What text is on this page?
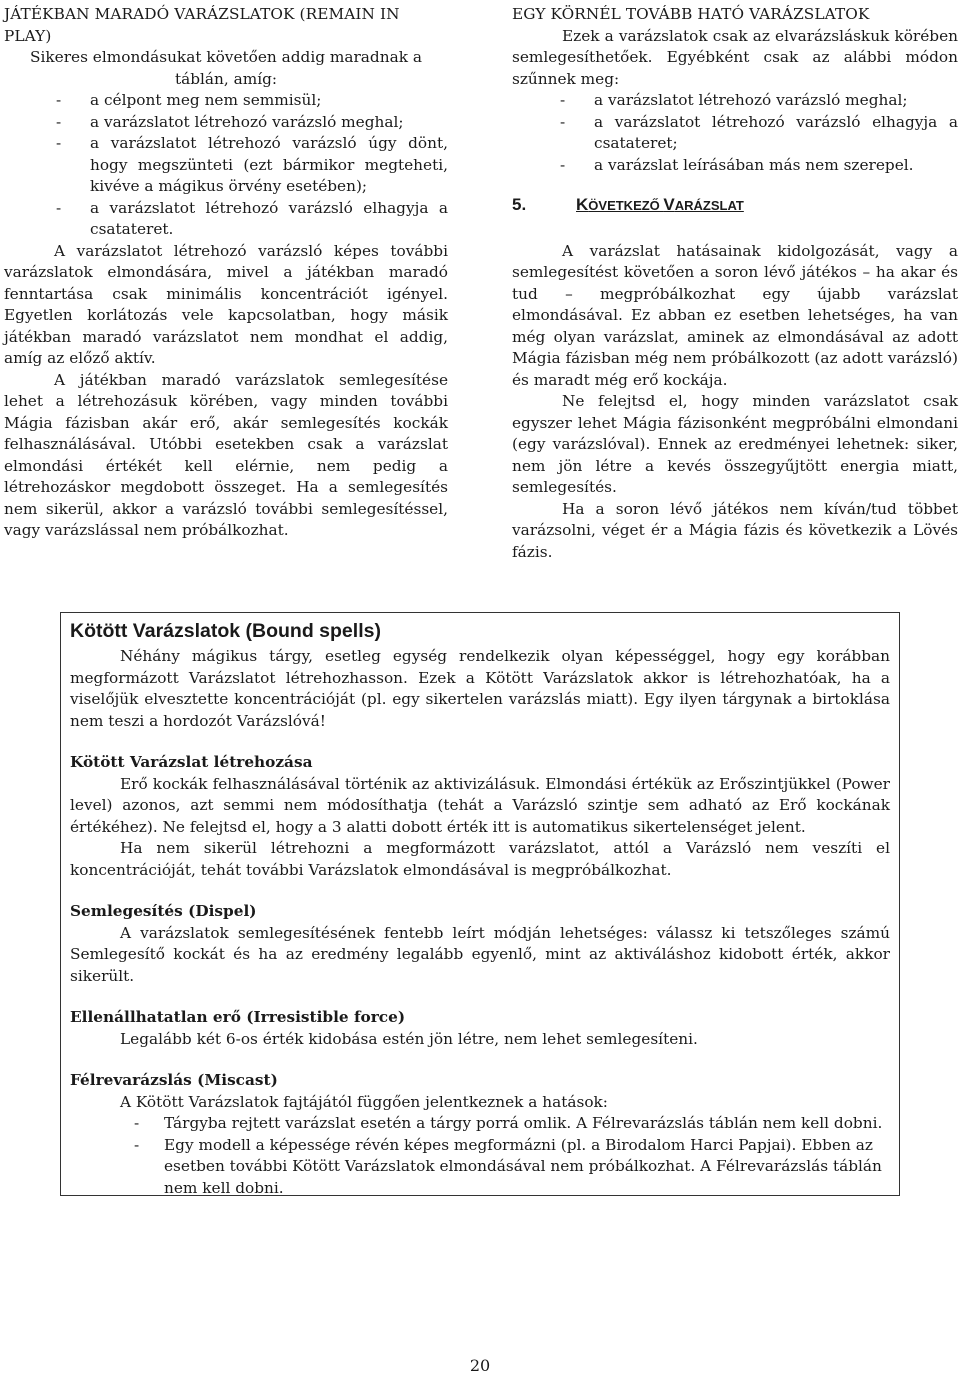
JÁTÉKBAN MARADÓ VARÁZSLATOK (REMAIN IN PLAY)

Sikeres elmondásukat követően addig maradnak a táblán, amíg:

-	a célpont meg nem semmisül;
-	a varázslatot létrehozó varázsló meghal;
-	a varázslatot létrehozó varázsló úgy dönt, hogy megszünteti (ezt bármikor megteheti, kivéve a mágikus örvény esetében);
-	a varázslatot létrehozó varázsló elhagyja a csatateret.

A varázslatot létrehozó varázsló képes további varázslatok elmondására, mivel a játékban maradó fenntartása csak minimális koncentrációt igényel. Egyetlen korlátozás vele kapcsolatban, hogy másik játékban maradó varázslatot nem mondhat el addig, amíg az előző aktív.

A játékban maradó varázslatok semlegesítése lehet a létrehozásuk körében, vagy minden további Mágia fázisban akár erő, akár semlegesítés kockák felhasználásával. Utóbbi esetekben csak a varázslat elmondási értékét kell elérnie, nem pedig a létrehozáskor megdobott összeget. Ha a semlegesítés nem sikerül, akkor a varázsló további semlegesítéssel, vagy varázslással nem próbálkozhat.

EGY KÖRNÉL TOVÁBB HATÓ VARÁZSLATOK

Ezek a varázslatok csak az elvarázsláskuk körében semlegesíthetőek. Egyébként csak az alábbi módon szűnnek meg:

-	a varázslatot létrehozó varázsló meghal;
-	a varázslatot létrehozó varázsló elhagyja a csatateret;
-	a varázslat leírásában más nem szerepel.
5.	KÖVETKEZŐ VARÁZSLAT

A varázslat hatásainak kidolgozását, vagy a semlegesítést követően a soron lévő játékos – ha akar és tud – megpróbálkozhat egy újabb varázslat elmondásával. Ez abban ez esetben lehetséges, ha van még olyan varázslat, aminek az elmondásával az adott Mágia fázisban még nem próbálkozott (az adott varázsló) és maradt még erő kockája.

Ne felejtsd el, hogy minden varázslatot csak egyszer lehet Mágia fázisonként megpróbálni elmondani (egy varázslóval). Ennek az eredményei lehetnek: siker, nem jön létre a kevés összegyűjtött energia miatt, semlegesítés.

Ha a soron lévő játékos nem kíván/tud többet varázsolni, véget ér a Mágia fázis és következik a Lövés fázis.

Kötött Varázslatok (Bound spells)

Néhány mágikus tárgy, esetleg egység rendelkezik olyan képességgel, hogy egy korábban megformázott Varázslatot létrehozhasson. Ezek a Kötött Varázslatok akkor is létrehozhatóak, ha a viselőjük elvesztette koncentrációját (pl. egy sikertelen varázslás miatt). Egy ilyen tárgynak a birtoklása nem teszi a hordozót Varázslóvá!

Kötött Varázslat létrehozása

Erő kockák felhasználásával történik az aktivizálásuk. Elmondási értékük az Erőszintjükkel (Power level) azonos, azt semmi nem módosíthatja (tehát a Varázsló szintje sem adható az Erő kockának értékéhez). Ne felejtsd el, hogy a 3 alatti dobott érték itt is automatikus sikertelenséget jelent.

Ha nem sikerül létrehozni a megformázott varázslatot, attól a Varázsló nem veszíti el koncentrációját, tehát további Varázslatok elmondásával is megpróbálkozhat.

Semlegesítés (Dispel)

A varázslatok semlegesítésének fentebb leírt módján lehetséges: válassz ki tetszőleges számú Semlegesítő kockát és ha az eredmény legalább egyenlő, mint az aktiváláshoz kidobott érték, akkor sikerült.

Ellenállhatatlan erő (Irresistible force)

Legalább két 6-os érték kidobása estén jön létre, nem lehet semlegesíteni.

Félrevarázslás (Miscast)

A Kötött Varázslatok fajtájától függően jelentkeznek a hatások:

-	Tárgyba rejtett varázslat esetén a tárgy porrá omlik. A Félrevarázslás táblán nem kell dobni.
-	Egy modell a képessége révén képes megformázni (pl. a Birodalom Harci Papjai). Ebben az esetben további Kötött Varázslatok elmondásával nem próbálkozhat. A Félrevarázslás táblán nem kell dobni.
20
